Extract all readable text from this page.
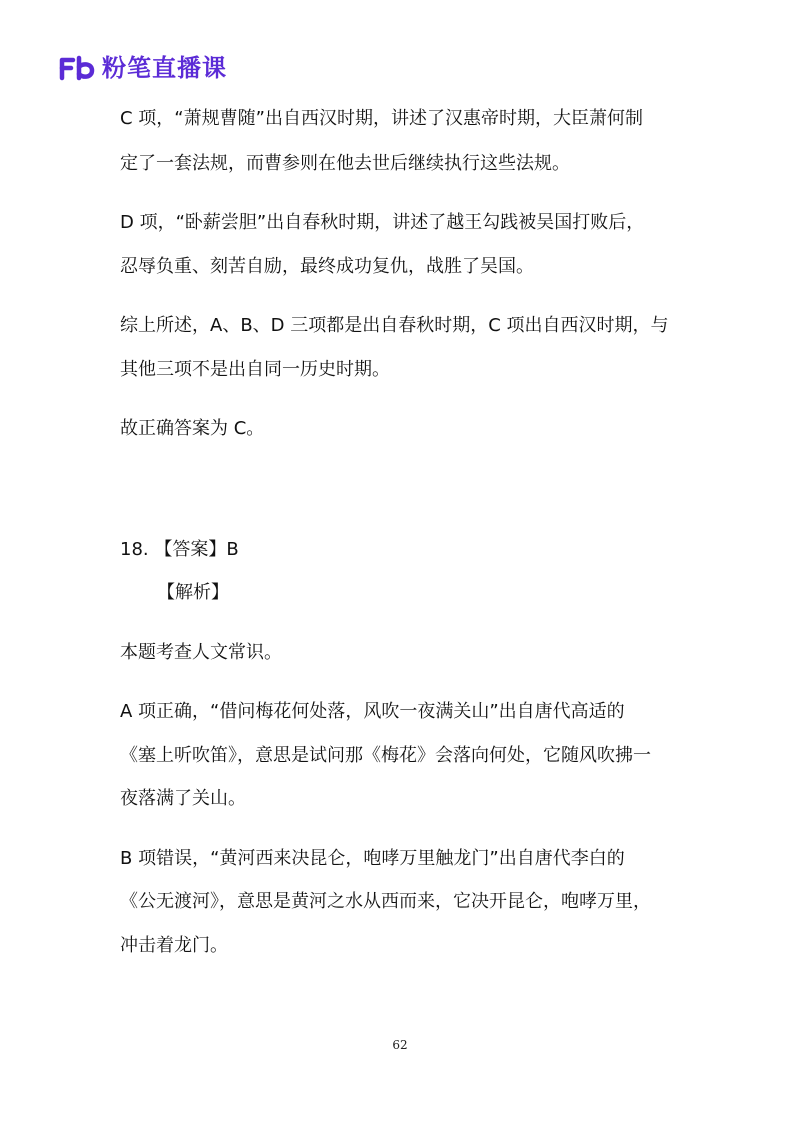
粉笔直播课
C 项，“萧规曹随”出自西汉时期，讲述了汉惠帝时期，大臣萧何制
定了一套法规，而曹参则在他去世后继续执行这些法规。
D 项，“卧薪尝胆”出自春秋时期，讲述了越王勾践被吴国打败后，
忍辱负重、刻苦自励，最终成功复仇，战胜了吴国。
综上所述，A、B、D 三项都是出自春秋时期，C 项出自西汉时期，与
其他三项不是出自同一历史时期。
故正确答案为 C。
18. 【答案】B
【解析】
本题考查人文常识。
A 项正确，“借问梅花何处落，风吹一夜满关山”出自唐代高适的
《塞上听吹笛》，意思是试问那《梅花》会落向何处，它随风吹拂一
夜落满了关山。
B 项错误，“黄河西来决昆仑，咆哮万里触龙门”出自唐代李白的
《公无渡河》，意思是黄河之水从西而来，它决开昆仑，咆哮万里，
冲击着龙门。
62
